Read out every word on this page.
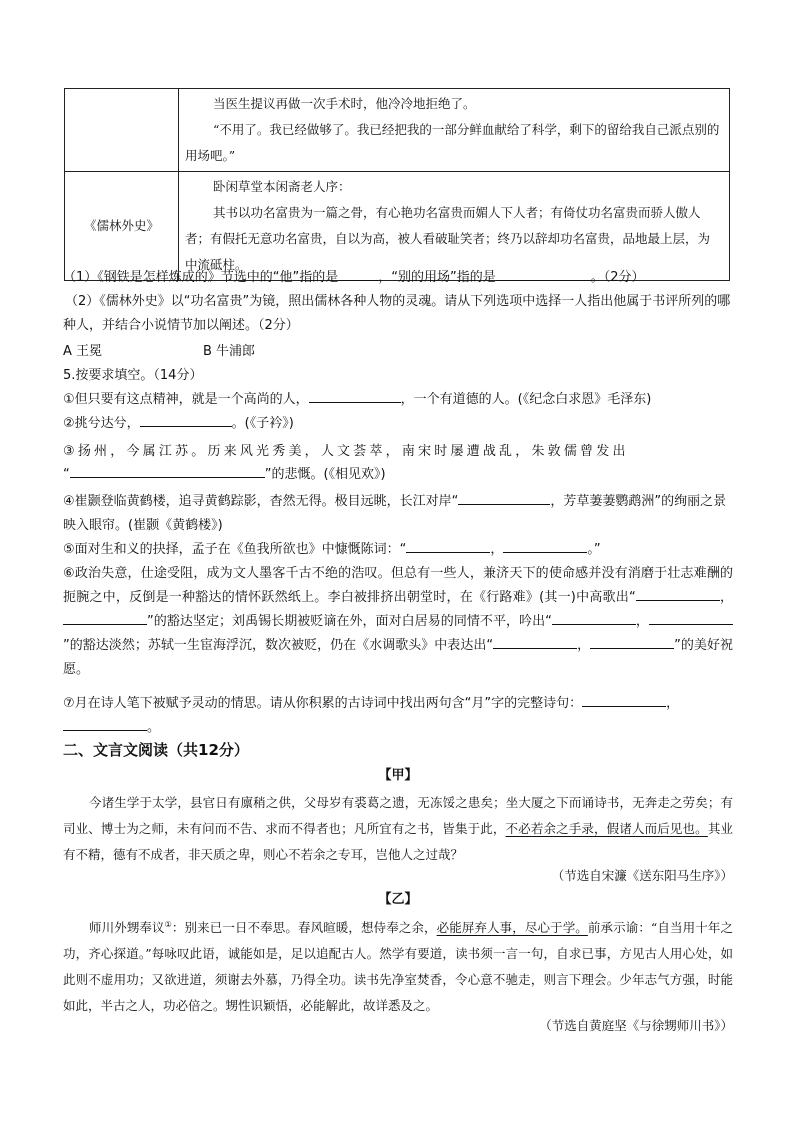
	当医生提议再做一次手术时，他冷冷地拒绝了。
“不用了。我已经做够了。我已经把我的一部分鲜血献给了科学，剩下的留给我自己派点别的用场吧。”

《儒林外史》	卧闲草堂本闲斋老人序：
其书以功名富贵为一篇之骨，有心艳功名富贵而媚人下人者；有倚仗功名富贵而骄人傲人者；有假托无意功名富贵，自以为高，被人看破耻笑者；终乃以辞却功名富贵，品地最上层，为中流砥柱。

（1）《钢铁是怎样炼成的》节选中的“他”指的是	，“别的用场”指的是	。（2分）

（2）《儒林外史》以“功名富贵”为镜，照出儒林各种人物的灵魂。请从下列选项中选择一人指出他属于书评所列的哪种人，并结合小说情节加以阐述。（2分）

A 王冕	B 牛浦郎

5.按要求填空。（14分）

①但只要有这点精神，就是一个高尚的人，	，一个有道德的人。(《纪念白求恩》毛泽东)

②挑兮达兮，	。(《子衿》)

③扬州，今属江苏。历来风光秀美，人文荟萃，南宋时屡遭战乱，朱敦儒曾发出

“	”的悲慨。(《相见欢》)

④崔颢登临黄鹤楼，追寻黄鹤踪影，杳然无得。极目远眺，长江对岸“	，芳草萋萋鹦鹉洲”的绚丽之景映入眼帘。(崔颢《黄鹤楼》)

⑤面对生和义的抉择，孟子在《鱼我所欲也》中慷慨陈词：“	，	。”

⑥政治失意，仕途受阻，成为文人墨客千古不绝的浩叹。但总有一些人，兼济天下的使命感并没有消磨于壮志难酬的扼腕之中，反倒是一种豁达的情怀跃然纸上。李白被排挤出朝堂时，在《行路难》(其一)中高歌出“	，”的豁达坚定；刘禹锡长期被贬谪在外，面对白居易的同情不平，吟出“	，”的豁达淡然；苏轼一生宦海浮沉，数次被贬，仍在《水调歌头》中表达出“	，	”的美好祝愿。

⑦月在诗人笔下被赋予灵动的情思。请从你积累的古诗词中找出两句含“月”字的完整诗句：	，。

二、文言文阅读（共12分）

【甲】

今诸生学于太学，县官日有廪稍之供，父母岁有裘葛之遗，无冻馁之患矣；坐大厦之下而诵诗书，无奔走之劳矣；有司业、博士为之师，未有问而不告、求而不得者也；凡所宜有之书，皆集于此，不必若余之手录，假诸人而后见也。其业有不精，德有不成者，非天质之卑，则心不若余之专耳，岂他人之过哉？

（节选自宋濂《送东阳马生序》）

【乙】

师川外甥奉议①：别来已一日不奉思。春风暄暖，想侍奉之余，必能屏弃人事，尽心于学。前承示谕：“自当用十年之功，齐心探道。”每咏叹此语，诚能如是，足以追配古人。然学有要道，读书须一言一句，自求已事，方见古人用心处，如此则不虚用功；又欲进道，须谢去外慕，乃得全功。读书先净室焚香，令心意不驰走，则言下理会。少年志气方强，时能如此，半古之人，功必倍之。甥性识颖悟，必能解此，故详悉及之。

（节选自黄庭坚《与徐甥师川书》）
